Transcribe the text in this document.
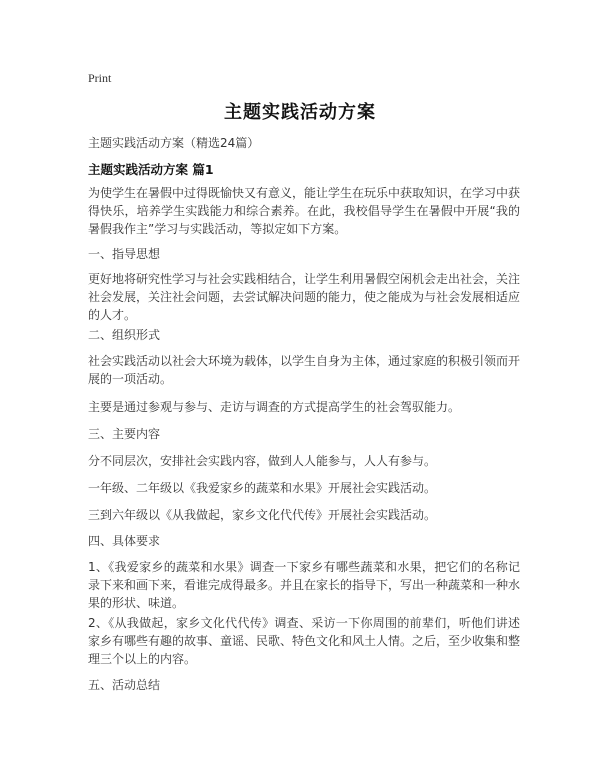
Print
主题实践活动方案
主题实践活动方案（精选24篇）
主题实践活动方案 篇1
为使学生在暑假中过得既愉快又有意义，能让学生在玩乐中获取知识，在学习中获得快乐，培养学生实践能力和综合素养。在此，我校倡导学生在暑假中开展“我的暑假我作主”学习与实践活动，等拟定如下方案。
一、指导思想
更好地将研究性学习与社会实践相结合，让学生利用暑假空闲机会走出社会，关注社会发展，关注社会问题，去尝试解决问题的能力，使之能成为与社会发展相适应的人才。
二、组织形式
社会实践活动以社会大环境为载体，以学生自身为主体，通过家庭的积极引领而开展的一项活动。
主要是通过参观与参与、走访与调查的方式提高学生的社会驾驭能力。
三、主要内容
分不同层次，安排社会实践内容，做到人人能参与，人人有参与。
一年级、二年级以《我爱家乡的蔬菜和水果》开展社会实践活动。
三到六年级以《从我做起，家乡文化代代传》开展社会实践活动。
四、具体要求
1、《我爱家乡的蔬菜和水果》调查一下家乡有哪些蔬菜和水果，把它们的名称记录下来和画下来，看谁完成得最多。并且在家长的指导下，写出一种蔬菜和一种水果的形状、味道。
2、《从我做起，家乡文化代代传》调查、采访一下你周围的前辈们，听他们讲述家乡有哪些有趣的故事、童谣、民歌、特色文化和风土人情。之后，至少收集和整理三个以上的内容。
五、活动总结
